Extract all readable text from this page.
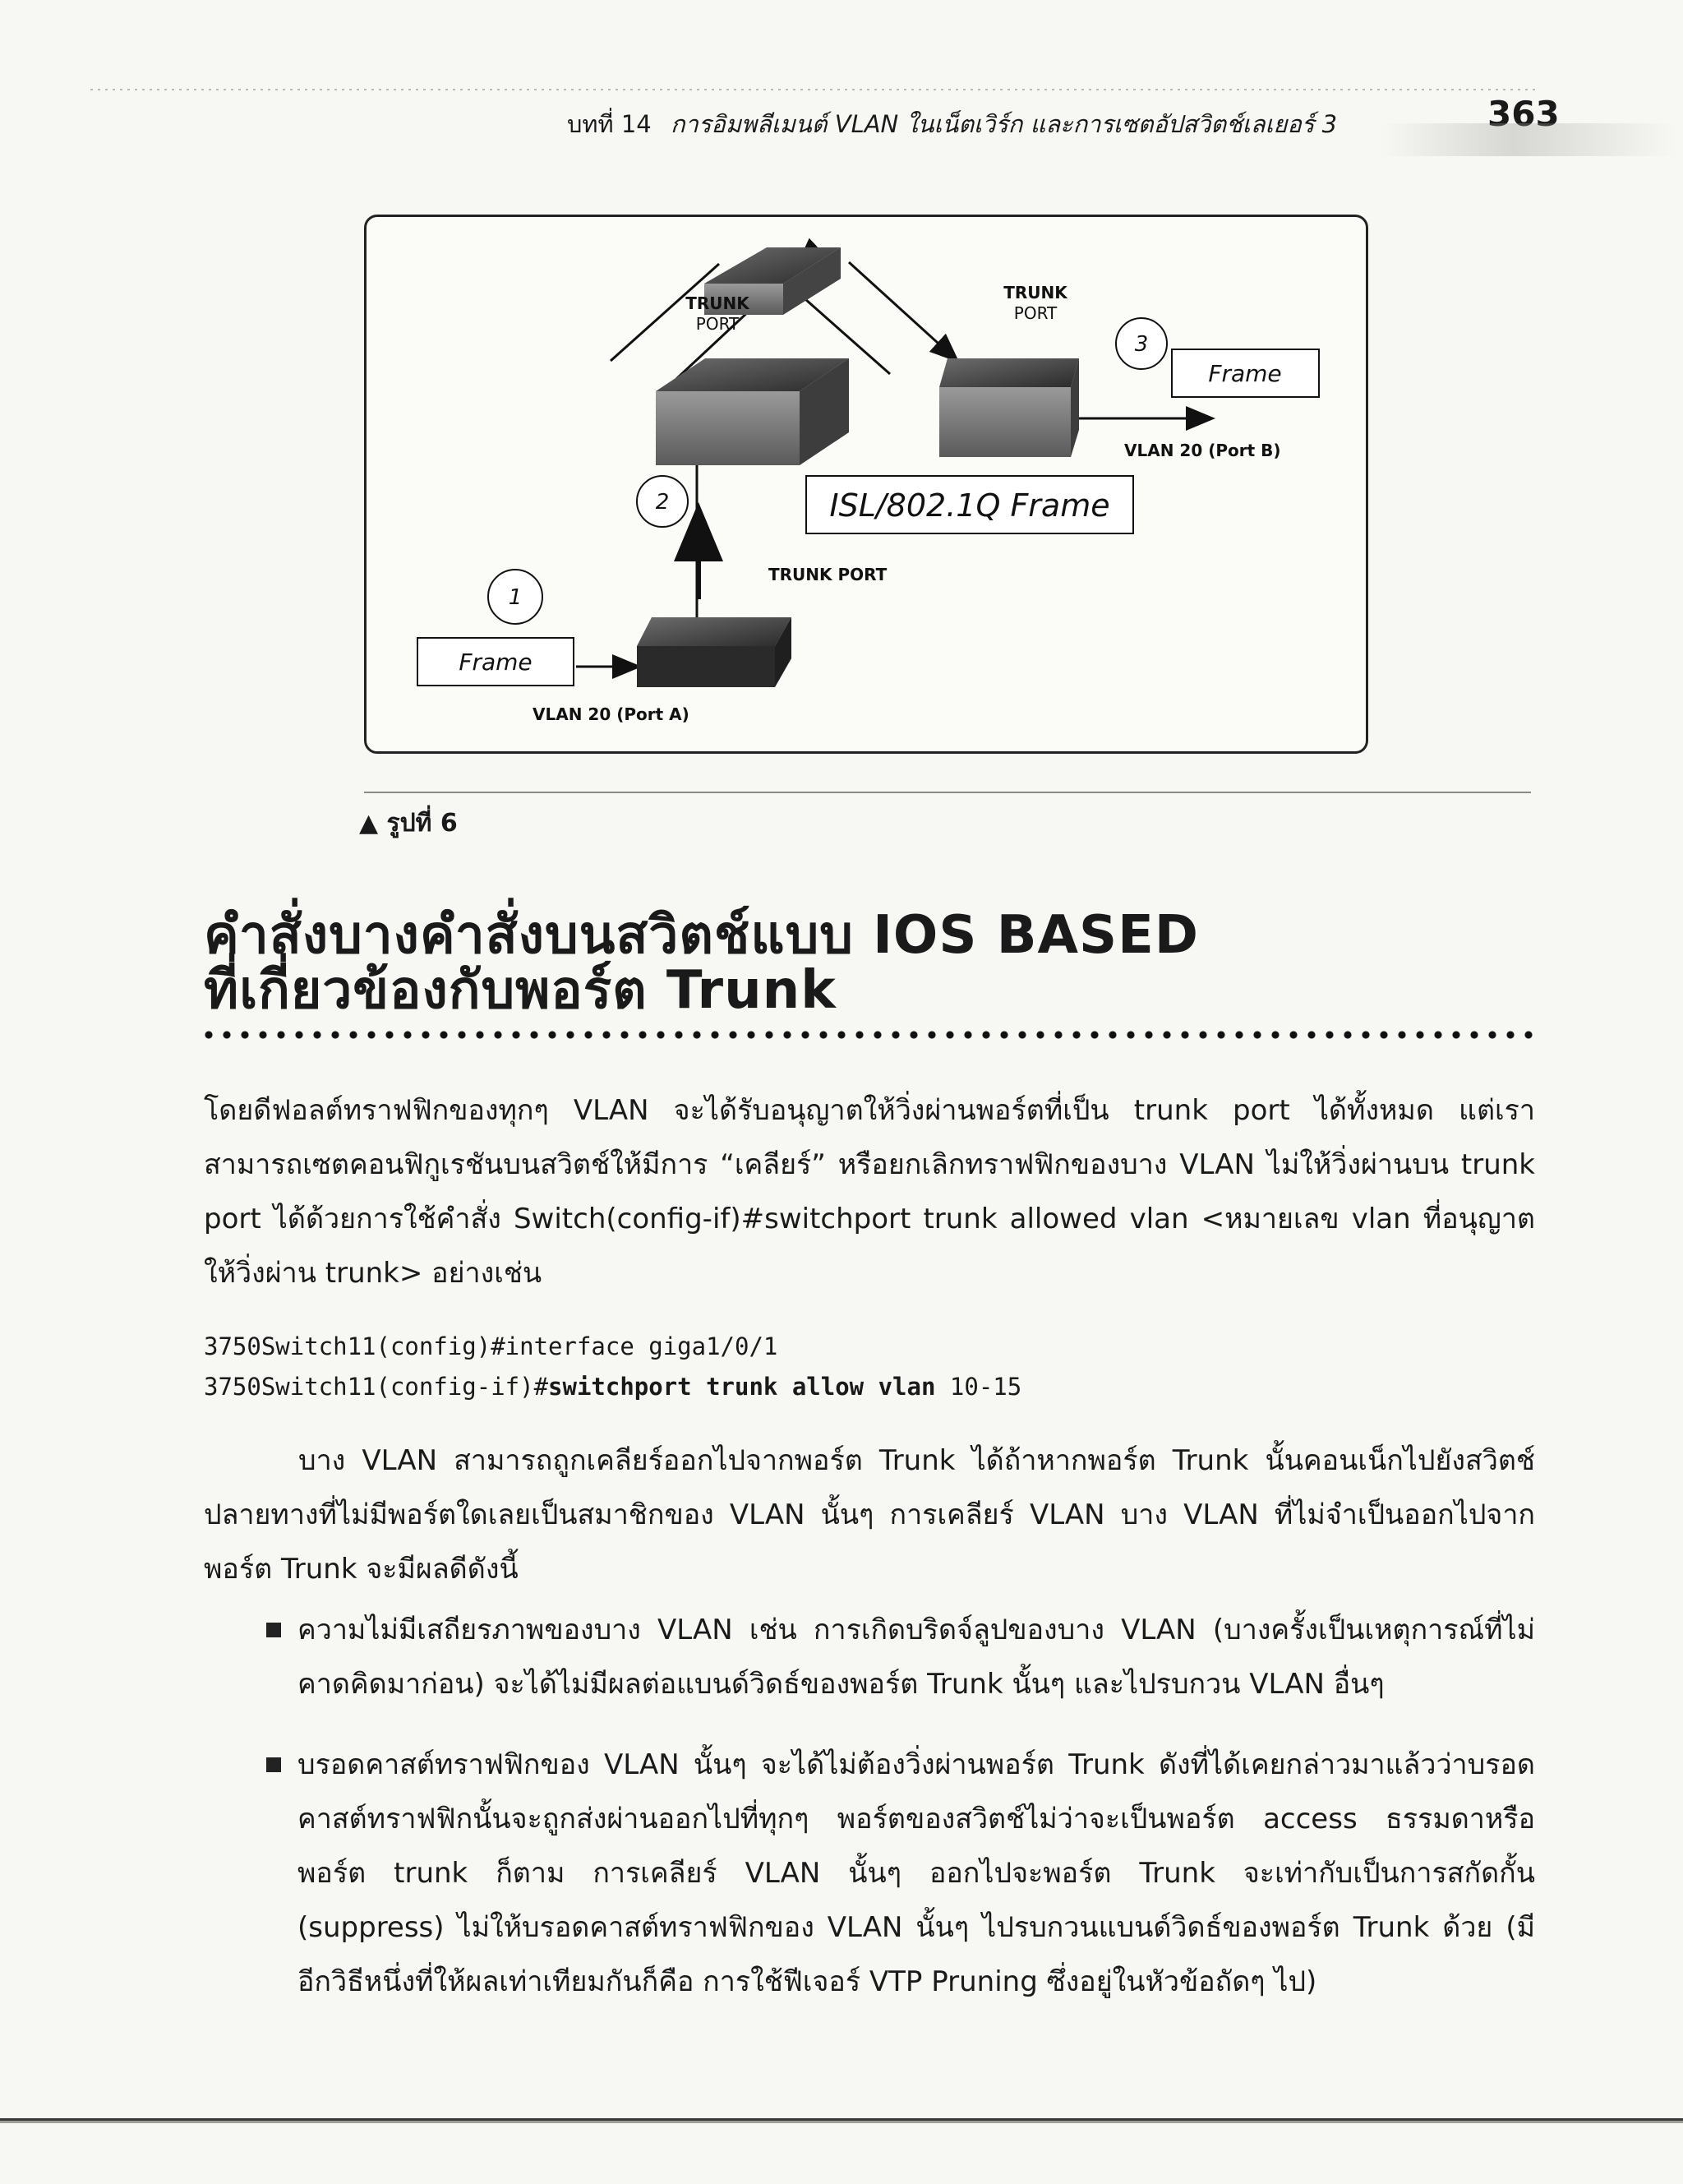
บทที่ 14 การอิมพลีเมนต์ VLAN ในเน็ตเวิร์ก และการเซตอัปสวิตช์เลเยอร์ 3	363
TRUNK
PORT
TRUNK
PORT
TRUNK PORT
VLAN 20 (Port B)
VLAN 20 (Port A)
Frame
Frame
ISL/802.1Q Frame
1
2
3
▲ รูปที่ 6
คำสั่งบางคำสั่งบนสวิตช์แบบ IOS BASED
ที่เกี่ยวข้องกับพอร์ต Trunk
โดยดีฟอลต์ทราฟฟิกของทุกๆ VLAN จะได้รับอนุญาตให้วิ่งผ่านพอร์ตที่เป็น trunk port ได้ทั้งหมด แต่เราสามารถเซตคอนฟิกูเรชันบนสวิตช์ให้มีการ “เคลียร์” หรือยกเลิกทราฟฟิกของบาง VLAN ไม่ให้วิ่งผ่านบน trunk port ได้ด้วยการใช้คำสั่ง Switch(config-if)#switchport trunk allowed vlan <หมายเลข vlan ที่อนุญาตให้วิ่งผ่าน trunk> อย่างเช่น
3750Switch11(config)#interface giga1/0/1
3750Switch11(config-if)#switchport trunk allow vlan 10-15
บาง VLAN สามารถถูกเคลียร์ออกไปจากพอร์ต Trunk ได้ถ้าหากพอร์ต Trunk นั้นคอนเน็กไปยังสวิตช์ปลายทางที่ไม่มีพอร์ตใดเลยเป็นสมาชิกของ VLAN นั้นๆ การเคลียร์ VLAN บาง VLAN ที่ไม่จำเป็นออกไปจากพอร์ต Trunk จะมีผลดีดังนี้
ความไม่มีเสถียรภาพของบาง VLAN เช่น การเกิดบริดจ์ลูปของบาง VLAN (บางครั้งเป็นเหตุการณ์ที่ไม่คาดคิดมาก่อน) จะได้ไม่มีผลต่อแบนด์วิดธ์ของพอร์ต Trunk นั้นๆ และไปรบกวน VLAN อื่นๆ
บรอดคาสต์ทราฟฟิกของ VLAN นั้นๆ จะได้ไม่ต้องวิ่งผ่านพอร์ต Trunk ดังที่ได้เคยกล่าวมาแล้วว่าบรอดคาสต์ทราฟฟิกนั้นจะถูกส่งผ่านออกไปที่ทุกๆ พอร์ตของสวิตช์ไม่ว่าจะเป็นพอร์ต access ธรรมดาหรือพอร์ต trunk ก็ตาม การเคลียร์ VLAN นั้นๆ ออกไปจะพอร์ต Trunk จะเท่ากับเป็นการสกัดกั้น (suppress) ไม่ให้บรอดคาสต์ทราฟฟิกของ VLAN นั้นๆ ไปรบกวนแบนด์วิดธ์ของพอร์ต Trunk ด้วย (มีอีกวิธีหนึ่งที่ให้ผลเท่าเทียมกันก็คือ การใช้ฟีเจอร์ VTP Pruning ซึ่งอยู่ในหัวข้อถัดๆ ไป)
